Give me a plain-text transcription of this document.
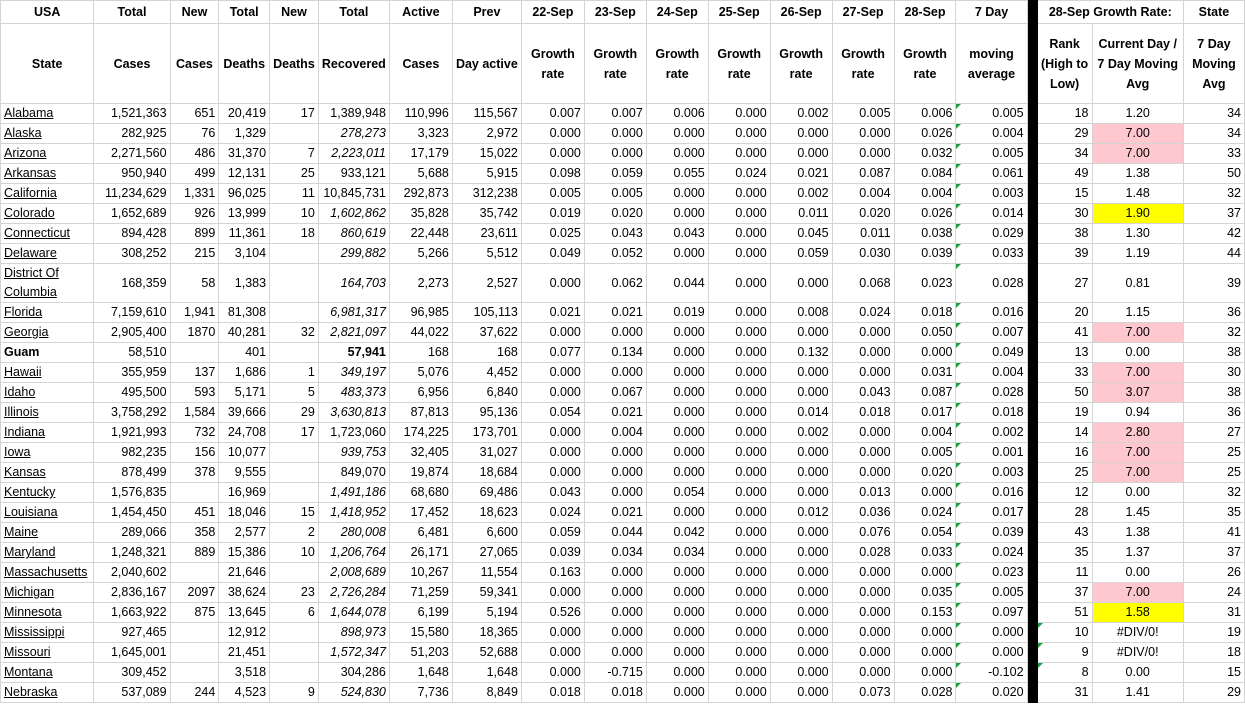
USA	Total	New	Total	New	Total	Active	Prev	22-Sep	23-Sep	24-Sep	25-Sep	26-Sep	27-Sep	28-Sep	7 Day		28-Sep Growth Rate:		State
State	Cases	Cases	Deaths	Deaths	Recovered	Cases	Day active	Growth rate	Growth rate	Growth rate	Growth rate	Growth rate	Growth rate	Growth rate	moving average		Rank (High to Low)	Current Day / 7 Day Moving Avg	7 Day Moving Avg
Alabama	1,521,363	651	20,419	17	1,389,948	110,996	115,567	0.007	0.007	0.006	0.000	0.002	0.005	0.006	0.005		18	1.20	34
Alaska	282,925	76	1,329		278,273	3,323	2,972	0.000	0.000	0.000	0.000	0.000	0.000	0.026	0.004		29	7.00	34
Arizona	2,271,560	486	31,370	7	2,223,011	17,179	15,022	0.000	0.000	0.000	0.000	0.000	0.000	0.032	0.005		34	7.00	33
Arkansas	950,940	499	12,131	25	933,121	5,688	5,915	0.098	0.059	0.055	0.024	0.021	0.087	0.084	0.061		49	1.38	50
California	11,234,629	1,331	96,025	11	10,845,731	292,873	312,238	0.005	0.005	0.000	0.000	0.002	0.004	0.004	0.003		15	1.48	32
Colorado	1,652,689	926	13,999	10	1,602,862	35,828	35,742	0.019	0.020	0.000	0.000	0.011	0.020	0.026	0.014		30	1.90	37
Connecticut	894,428	899	11,361	18	860,619	22,448	23,611	0.025	0.043	0.043	0.000	0.045	0.011	0.038	0.029		38	1.30	42
Delaware	308,252	215	3,104		299,882	5,266	5,512	0.049	0.052	0.000	0.000	0.059	0.030	0.039	0.033		39	1.19	44
District Of Columbia	168,359	58	1,383		164,703	2,273	2,527	0.000	0.062	0.044	0.000	0.000	0.068	0.023	0.028		27	0.81	39
Florida	7,159,610	1,941	81,308		6,981,317	96,985	105,113	0.021	0.021	0.019	0.000	0.008	0.024	0.018	0.016		20	1.15	36
Georgia	2,905,400	1870	40,281	32	2,821,097	44,022	37,622	0.000	0.000	0.000	0.000	0.000	0.000	0.050	0.007		41	7.00	32
Guam	58,510		401		57,941	168	168	0.077	0.134	0.000	0.000	0.132	0.000	0.000	0.049		13	0.00	38
Hawaii	355,959	137	1,686	1	349,197	5,076	4,452	0.000	0.000	0.000	0.000	0.000	0.000	0.031	0.004		33	7.00	30
Idaho	495,500	593	5,171	5	483,373	6,956	6,840	0.000	0.067	0.000	0.000	0.000	0.043	0.087	0.028		50	3.07	38
Illinois	3,758,292	1,584	39,666	29	3,630,813	87,813	95,136	0.054	0.021	0.000	0.000	0.014	0.018	0.017	0.018		19	0.94	36
Indiana	1,921,993	732	24,708	17	1,723,060	174,225	173,701	0.000	0.004	0.000	0.000	0.002	0.000	0.004	0.002		14	2.80	27
Iowa	982,235	156	10,077		939,753	32,405	31,027	0.000	0.000	0.000	0.000	0.000	0.000	0.005	0.001		16	7.00	25
Kansas	878,499	378	9,555		849,070	19,874	18,684	0.000	0.000	0.000	0.000	0.000	0.000	0.020	0.003		25	7.00	25
Kentucky	1,576,835		16,969		1,491,186	68,680	69,486	0.043	0.000	0.054	0.000	0.000	0.013	0.000	0.016		12	0.00	32
Louisiana	1,454,450	451	18,046	15	1,418,952	17,452	18,623	0.024	0.021	0.000	0.000	0.012	0.036	0.024	0.017		28	1.45	35
Maine	289,066	358	2,577	2	280,008	6,481	6,600	0.059	0.044	0.042	0.000	0.000	0.076	0.054	0.039		43	1.38	41
Maryland	1,248,321	889	15,386	10	1,206,764	26,171	27,065	0.039	0.034	0.034	0.000	0.000	0.028	0.033	0.024		35	1.37	37
Massachusetts	2,040,602		21,646		2,008,689	10,267	11,554	0.163	0.000	0.000	0.000	0.000	0.000	0.000	0.023		11	0.00	26
Michigan	2,836,167	2097	38,624	23	2,726,284	71,259	59,341	0.000	0.000	0.000	0.000	0.000	0.000	0.035	0.005		37	7.00	24
Minnesota	1,663,922	875	13,645	6	1,644,078	6,199	5,194	0.526	0.000	0.000	0.000	0.000	0.000	0.153	0.097		51	1.58	31
Mississippi	927,465		12,912		898,973	15,580	18,365	0.000	0.000	0.000	0.000	0.000	0.000	0.000	0.000		10	#DIV/0!	19
Missouri	1,645,001		21,451		1,572,347	51,203	52,688	0.000	0.000	0.000	0.000	0.000	0.000	0.000	0.000		9	#DIV/0!	18
Montana	309,452		3,518		304,286	1,648	1,648	0.000	-0.715	0.000	0.000	0.000	0.000	0.000	-0.102		8	0.00	15
Nebraska	537,089	244	4,523	9	524,830	7,736	8,849	0.018	0.018	0.000	0.000	0.000	0.073	0.028	0.020		31	1.41	29
